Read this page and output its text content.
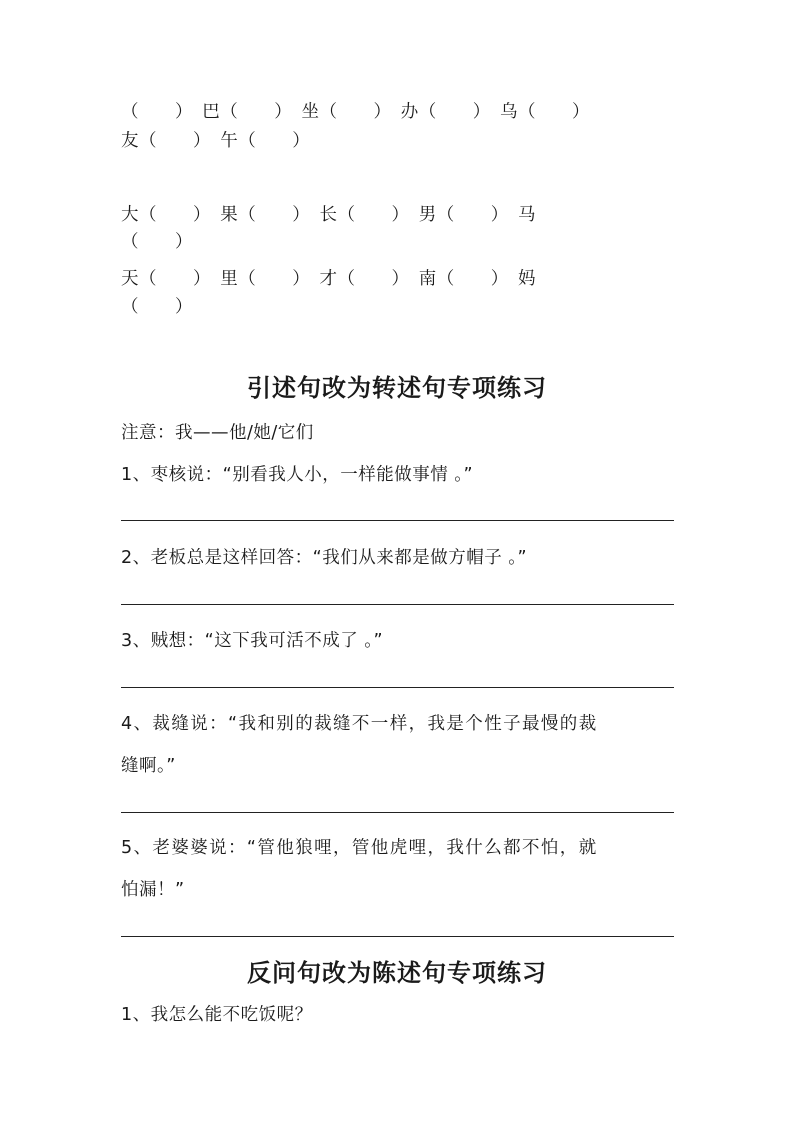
（　　）　巴（　　）　坐（　　）　办（　　）　乌（　　）
友（　　）　午（　　）
大（　　）　果（　　）　长（　　）　男（　　）　马
（　　）
天（　　）　里（　　）　才（　　）　南（　　）　妈
（　　）
引述句改为转述句专项练习
注意：我——他/她/它们
1、枣核说：“别看我人小，一样能做事情 。”
2、老板总是这样回答：“我们从来都是做方帽子 。”
3、贼想：“这下我可活不成了 。”
4、裁缝说：“我和别的裁缝不一样，我是个性子最慢的裁
缝啊。”
5、老婆婆说：“管他狼哩，管他虎哩，我什么都不怕，就
怕漏！”
反问句改为陈述句专项练习
1、我怎么能不吃饭呢？
